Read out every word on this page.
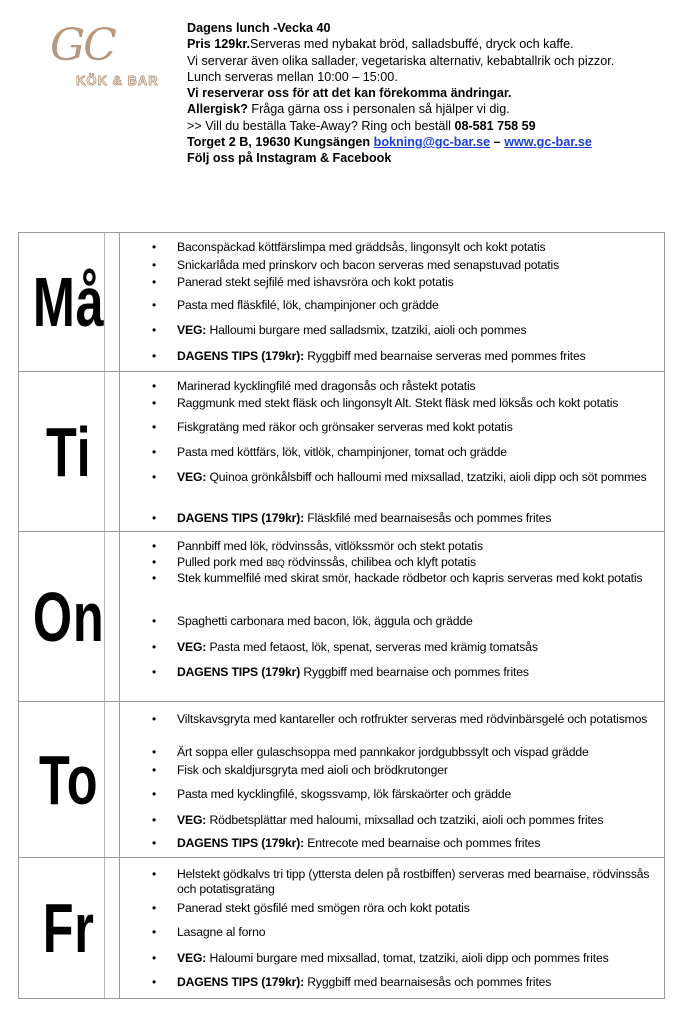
GC
KÖK & BAR
Dagens lunch -Vecka 40
Pris 129kr.Serveras med nybakat bröd, salladsbuffé, dryck och kaffe.
Vi serverar även olika sallader, vegetariska alternativ, kebabtallrik och pizzor.
Lunch serveras mellan 10:00 – 15:00.
Vi reserverar oss för att det kan förekomma ändringar.
Allergisk? Fråga gärna oss i personalen så hjälper vi dig.
>> Vill du beställa Take-Away? Ring och beställ 08-581 758 59
Torget 2 B, 19630 Kungsängen bokning@gc-bar.se – www.gc-bar.se
Följ oss på Instagram & Facebook
Må
• Baconspäckad köttfärslimpa med gräddsås, lingonsylt och kokt potatis
• Snickarlåda med prinskorv och bacon serveras med senapstuvad potatis
• Panerad stekt sejfilé med ishavsröra och kokt potatis
• Pasta med fläskfilé, lök, champinjoner och grädde
• VEG: Halloumi burgare med salladsmix, tzatziki, aioli och pommes
• DAGENS TIPS (179kr): Ryggbiff med bearnaise serveras med pommes frites
Ti
• Marinerad kycklingfilé med dragonsås och råstekt potatis
• Raggmunk med stekt fläsk och lingonsylt Alt. Stekt fläsk med löksås och kokt potatis
• Fiskgratäng med räkor och grönsaker serveras med kokt potatis
• Pasta med köttfärs, lök, vitlök, champinjoner, tomat och grädde
• VEG: Quinoa grönkålsbiff och halloumi med mixsallad, tzatziki, aioli dipp och söt pommes
• DAGENS TIPS (179kr): Fläskfilé med bearnaisesås och pommes frites
On
• Pannbiff med lök, rödvinssås, vitlökssmör och stekt potatis
• Pulled pork med BBQ rödvinssås, chilibea och klyft potatis
• Stek kummelfilé med skirat smör, hackade rödbetor och kapris serveras med kokt potatis
• Spaghetti carbonara med bacon, lök, äggula och grädde
• VEG: Pasta med fetaost, lök, spenat, serveras med krämig tomatsås
• DAGENS TIPS (179kr) Ryggbiff med bearnaise och pommes frites
To
• Viltskavsgryta med kantareller och rotfrukter serveras med rödvinbärsgelé och potatismos
• Ärt soppa eller gulaschsoppa med pannkakor jordgubbssylt och vispad grädde
• Fisk och skaldjursgryta med aioli och brödkrutonger
• Pasta med kycklingfilé, skogssvamp, lök färskaörter och grädde
• VEG: Rödbetsplättar med haloumi, mixsallad och tzatziki, aioli och pommes frites
• DAGENS TIPS (179kr): Entrecote med bearnaise och pommes frites
Fr
• Helstekt gödkalvs tri tipp (yttersta delen på rostbiffen) serveras med bearnaise, rödvinssås och potatisgratäng
• Panerad stekt gösfilé med smögen röra och kokt potatis
• Lasagne al forno
• VEG: Haloumi burgare med mixsallad, tomat, tzatziki, aioli dipp och pommes frites
• DAGENS TIPS (179kr): Ryggbiff med bearnaisesås och pommes frites
